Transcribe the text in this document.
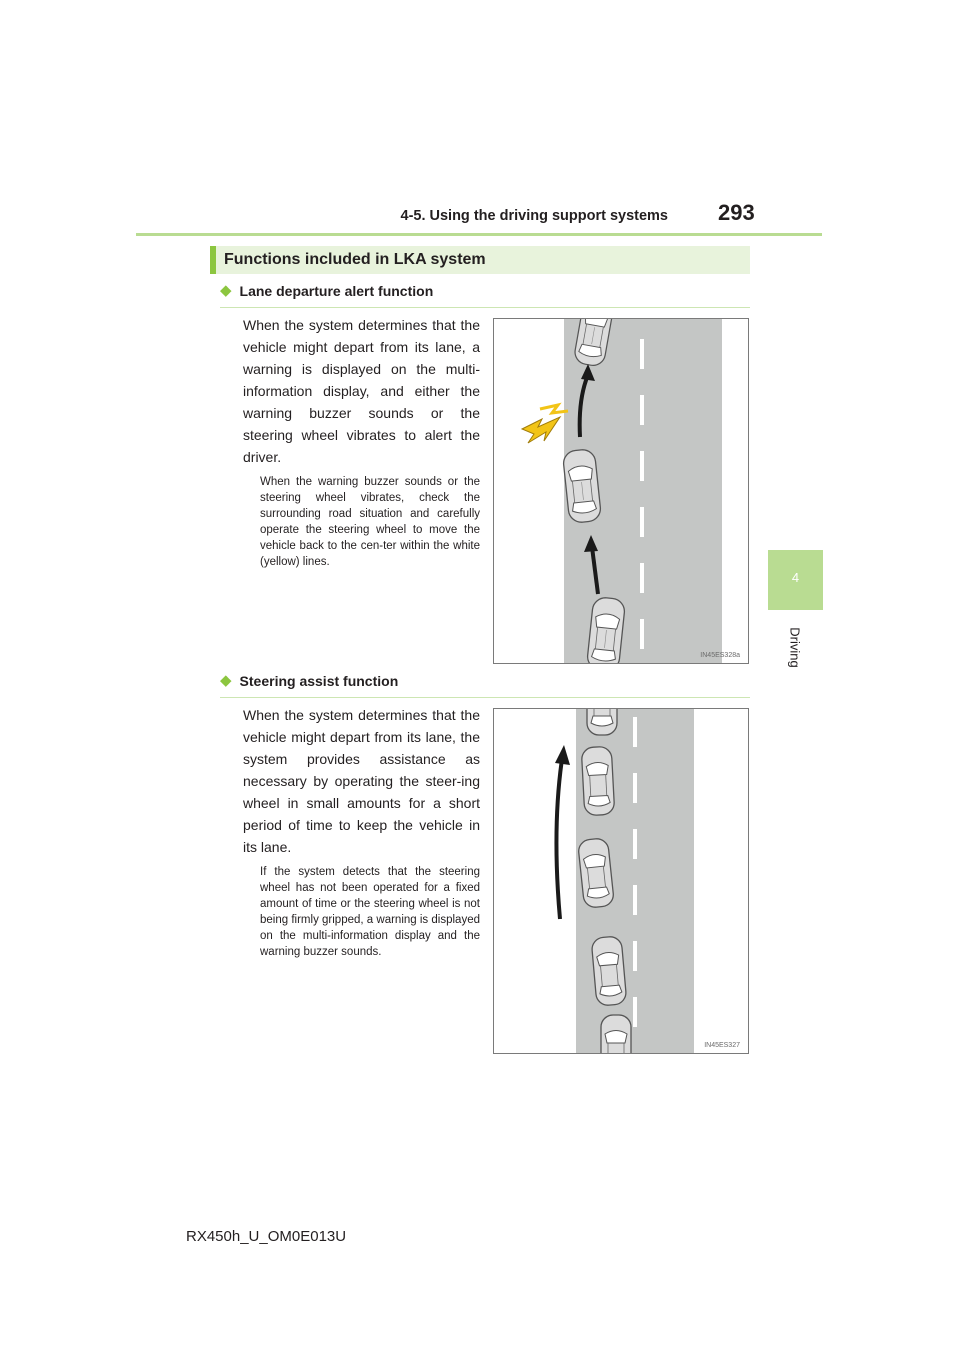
4-5. Using the driving support systems 293
4
Driving
Functions included in LKA system
◆ Lane departure alert function
When the system determines that the vehicle might depart from its lane, a warning is displayed on the multi-information display, and either the warning buzzer sounds or the steering wheel vibrates to alert the driver.
When the warning buzzer sounds or the steering wheel vibrates, check the surrounding road situation and carefully operate the steering wheel to move the vehicle back to the cen-ter within the white (yellow) lines.
IN45ES328a
◆ Steering assist function
When the system determines that the vehicle might depart from its lane, the system provides assistance as necessary by operating the steer-ing wheel in small amounts for a short period of time to keep the vehicle in its lane.
If the system detects that the steering wheel has not been operated for a fixed amount of time or the steering wheel is not being firmly gripped, a warning is displayed on the multi-information display and the warning buzzer sounds.
IN45ES327
RX450h_U_OM0E013U
